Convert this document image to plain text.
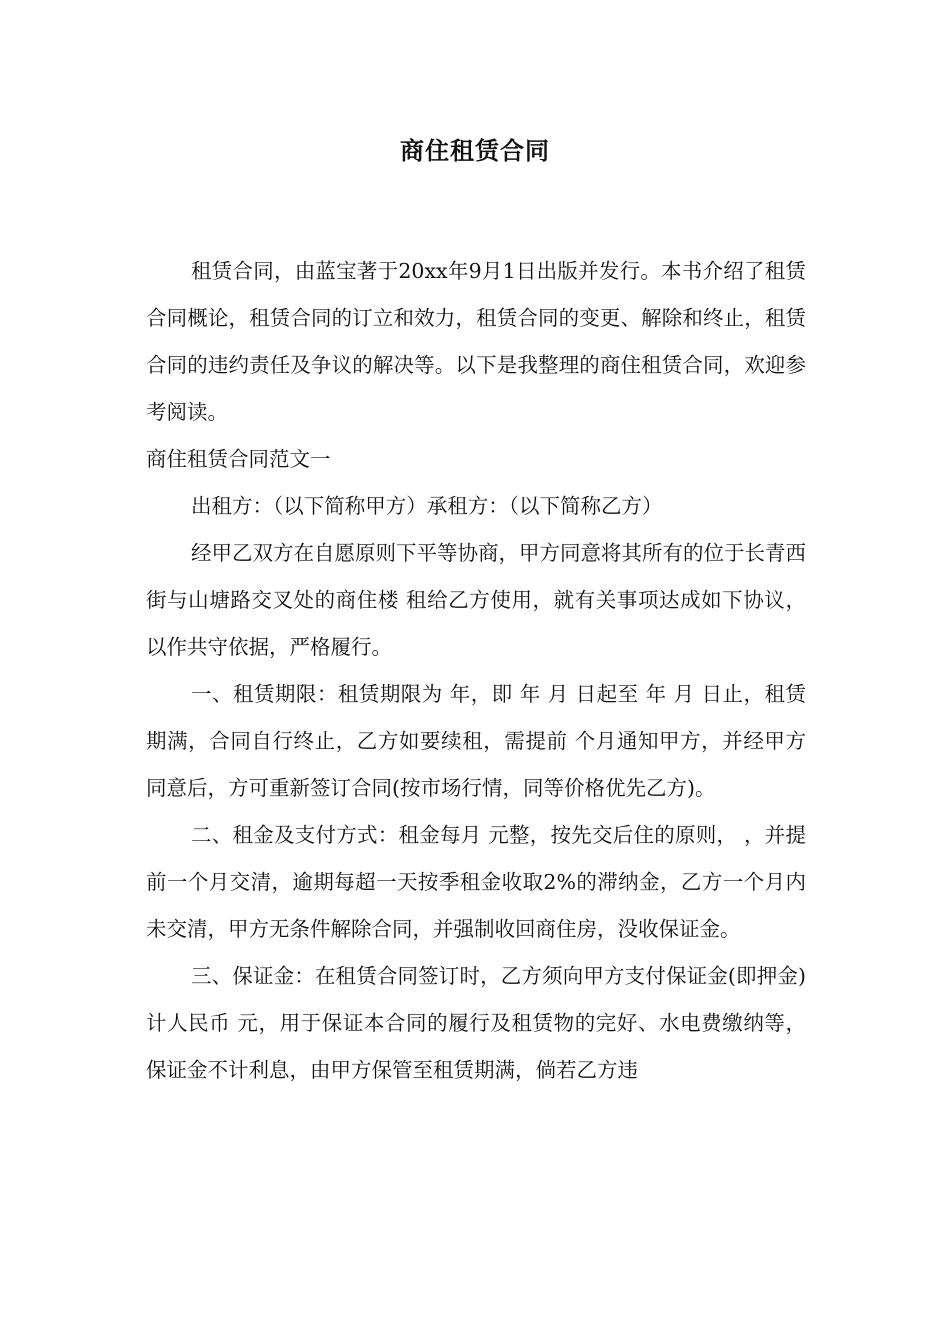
商住租赁合同

租赁合同，由蓝宝著于20xx年9月1日出版并发行。本书介绍了租赁合同概论，租赁合同的订立和效力，租赁合同的变更、解除和终止，租赁合同的违约责任及争议的解决等。以下是我整理的商住租赁合同，欢迎参考阅读。

商住租赁合同范文一

出租方：（以下简称甲方）承租方：（以下简称乙方）

经甲乙双方在自愿原则下平等协商，甲方同意将其所有的位于长青西街与山塘路交叉处的商住楼 租给乙方使用，就有关事项达成如下协议，以作共守依据，严格履行。

一、租赁期限：租赁期限为 年，即 年 月 日起至 年 月 日止，租赁期满，合同自行终止，乙方如要续租，需提前 个月通知甲方，并经甲方同意后，方可重新签订合同(按市场行情，同等价格优先乙方)。

二、租金及支付方式：租金每月 元整，按先交后住的原则， ，并提前一个月交清，逾期每超一天按季租金收取2%的滞纳金，乙方一个月内未交清，甲方无条件解除合同，并强制收回商住房，没收保证金。

三、保证金：在租赁合同签订时，乙方须向甲方支付保证金(即押金)计人民币 元，用于保证本合同的履行及租赁物的完好、水电费缴纳等，保证金不计利息，由甲方保管至租赁期满，倘若乙方违
